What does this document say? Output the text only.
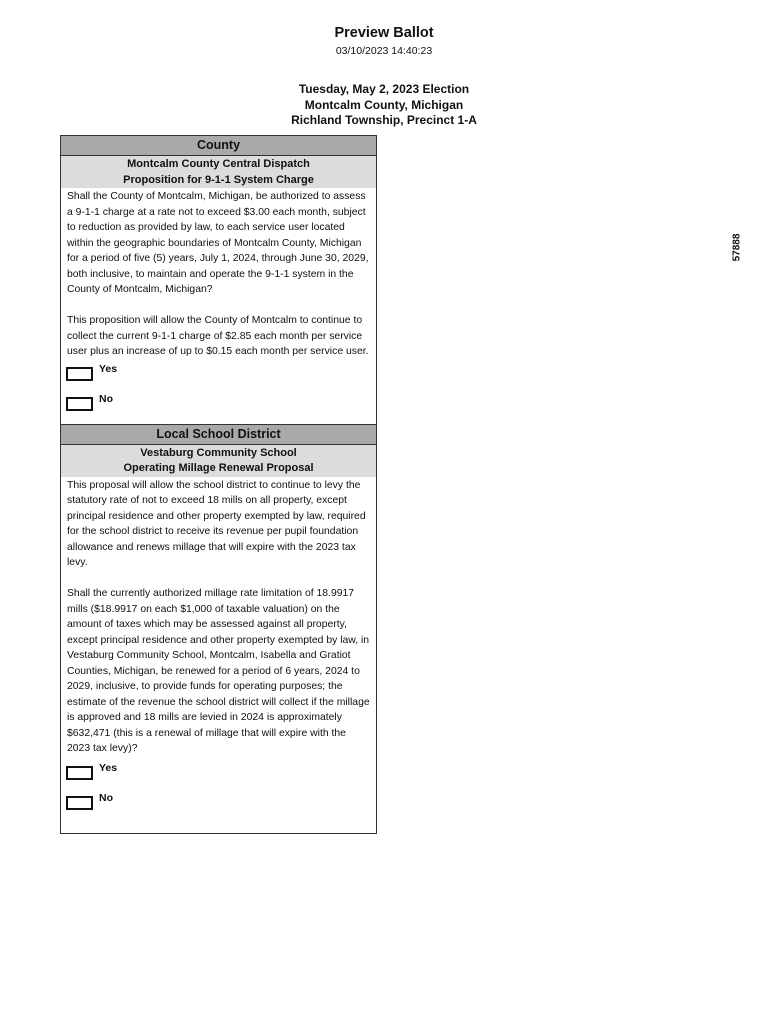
Preview Ballot
03/10/2023 14:40:23
Tuesday, May 2, 2023 Election
Montcalm County, Michigan
Richland Township, Precinct 1-A
57888
County
Montcalm County Central Dispatch
Proposition for 9-1-1 System Charge

Shall the County of Montcalm, Michigan, be authorized to assess a 9-1-1 charge at a rate not to exceed $3.00 each month, subject to reduction as provided by law, to each service user located within the geographic boundaries of Montcalm County, Michigan for a period of five (5) years, July 1, 2024, through June 30, 2029, both inclusive, to maintain and operate the 9-1-1 system in the County of Montcalm, Michigan?

This proposition will allow the County of Montcalm to continue to collect the current 9-1-1 charge of $2.85 each month per service user plus an increase of up to $0.15 each month per service user.

Yes
No
Local School District
Vestaburg Community School
Operating Millage Renewal Proposal

This proposal will allow the school district to continue to levy the statutory rate of not to exceed 18 mills on all property, except principal residence and other property exempted by law, required for the school district to receive its revenue per pupil foundation allowance and renews millage that will expire with the 2023 tax levy.

Shall the currently authorized millage rate limitation of 18.9917 mills ($18.9917 on each $1,000 of taxable valuation) on the amount of taxes which may be assessed against all property, except principal residence and other property exempted by law, in Vestaburg Community School, Montcalm, Isabella and Gratiot Counties, Michigan, be renewed for a period of 6 years, 2024 to 2029, inclusive, to provide funds for operating purposes; the estimate of the revenue the school district will collect if the millage is approved and 18 mills are levied in 2024 is approximately $632,471 (this is a renewal of millage that will expire with the 2023 tax levy)?

Yes
No
